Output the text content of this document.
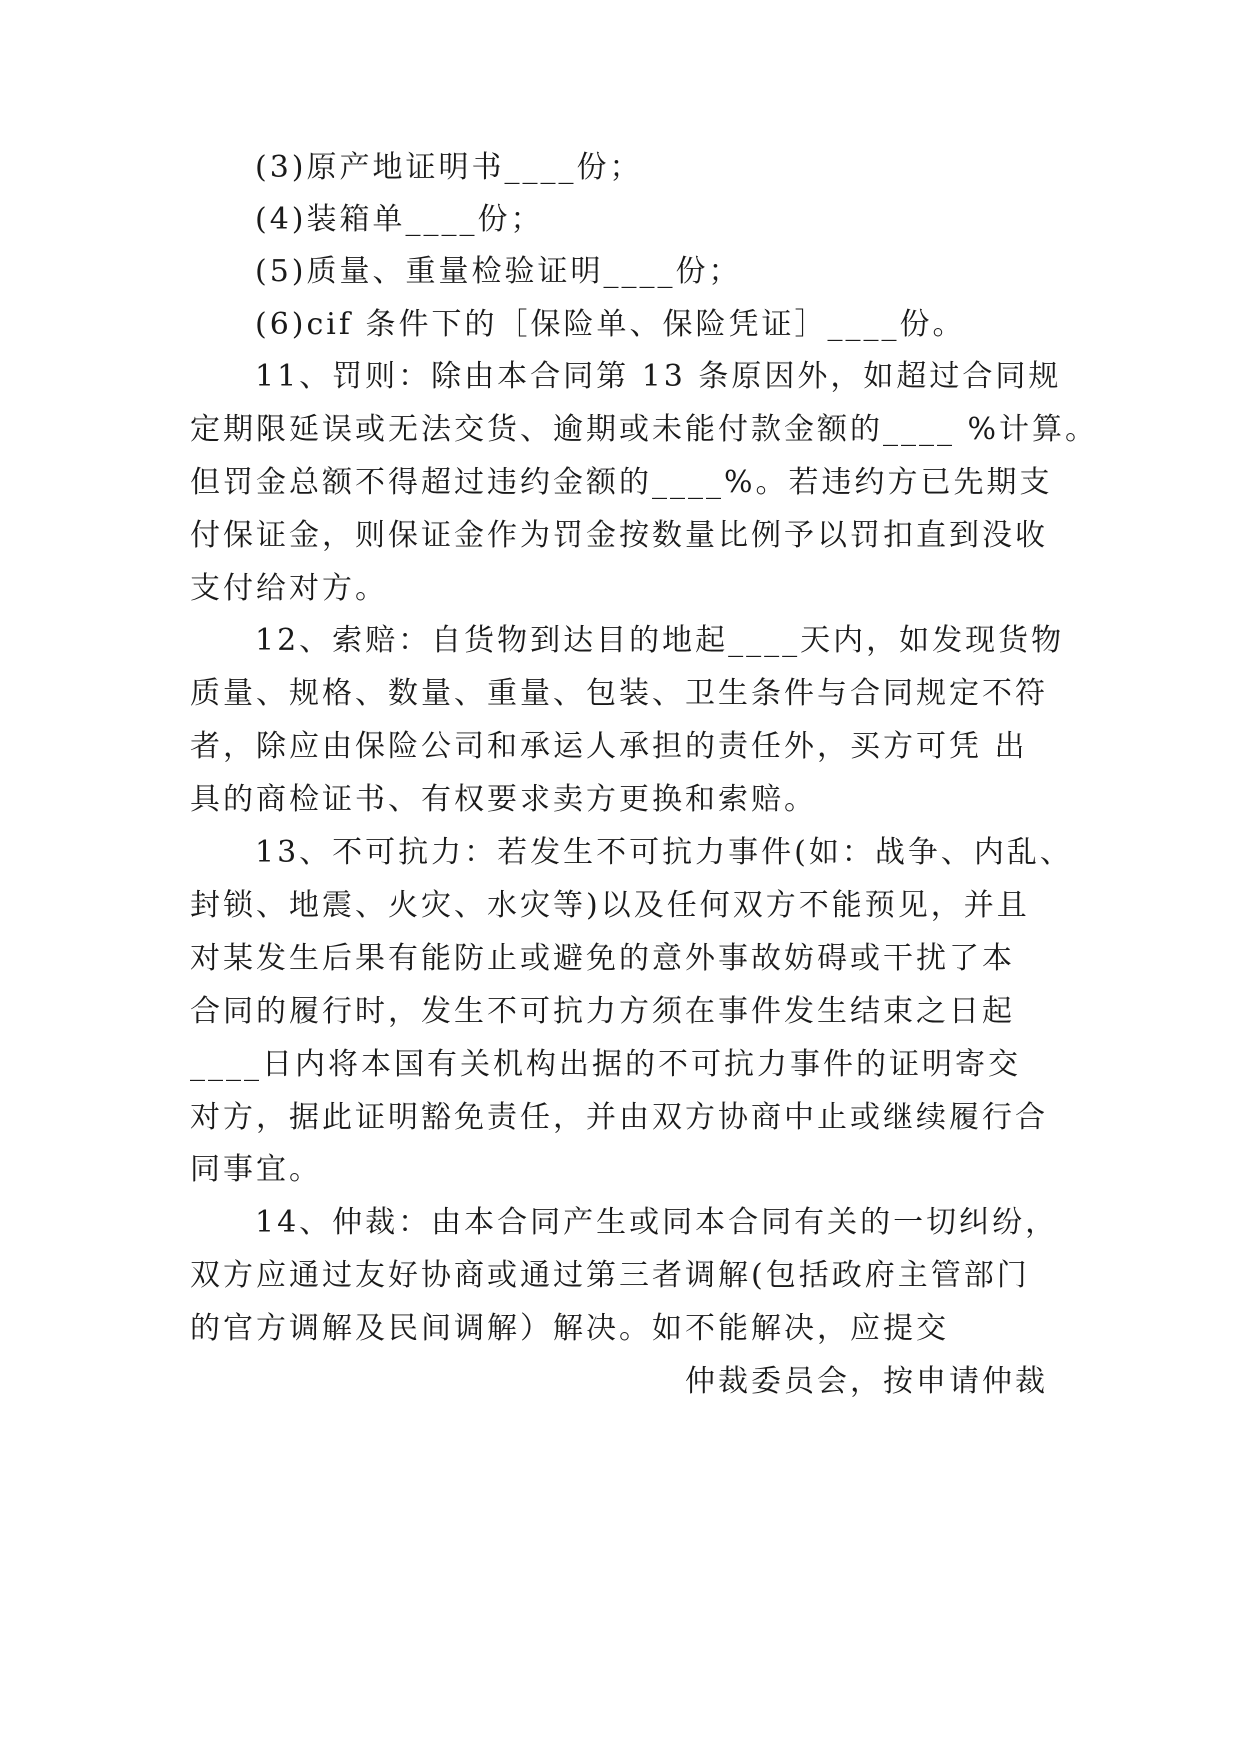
(3)原产地证明书____份；
(4)装箱单____份；
(5)质量、重量检验证明____份；
(6)cif 条件下的［保险单、保险凭证］____份。
11、罚则：除由本合同第 13 条原因外，如超过合同规
定期限延误或无法交货、逾期或未能付款金额的____ %计算。
但罚金总额不得超过违约金额的____%。若违约方已先期支
付保证金，则保证金作为罚金按数量比例予以罚扣直到没收
支付给对方。
12、索赔：自货物到达目的地起____天内，如发现货物
质量、规格、数量、重量、包装、卫生条件与合同规定不符
者，除应由保险公司和承运人承担的责任外，买方可凭 出
具的商检证书、有权要求卖方更换和索赔。
13、不可抗力：若发生不可抗力事件(如：战争、内乱、
封锁、地震、火灾、水灾等)以及任何双方不能预见，并且
对某发生后果有能防止或避免的意外事故妨碍或干扰了本
合同的履行时，发生不可抗力方须在事件发生结束之日起
____日内将本国有关机构出据的不可抗力事件的证明寄交
对方，据此证明豁免责任，并由双方协商中止或继续履行合
同事宜。
14、仲裁：由本合同产生或同本合同有关的一切纠纷，
双方应通过友好协商或通过第三者调解(包括政府主管部门
的官方调解及民间调解）解决。如不能解决，应提交
仲裁委员会，按申请仲裁
